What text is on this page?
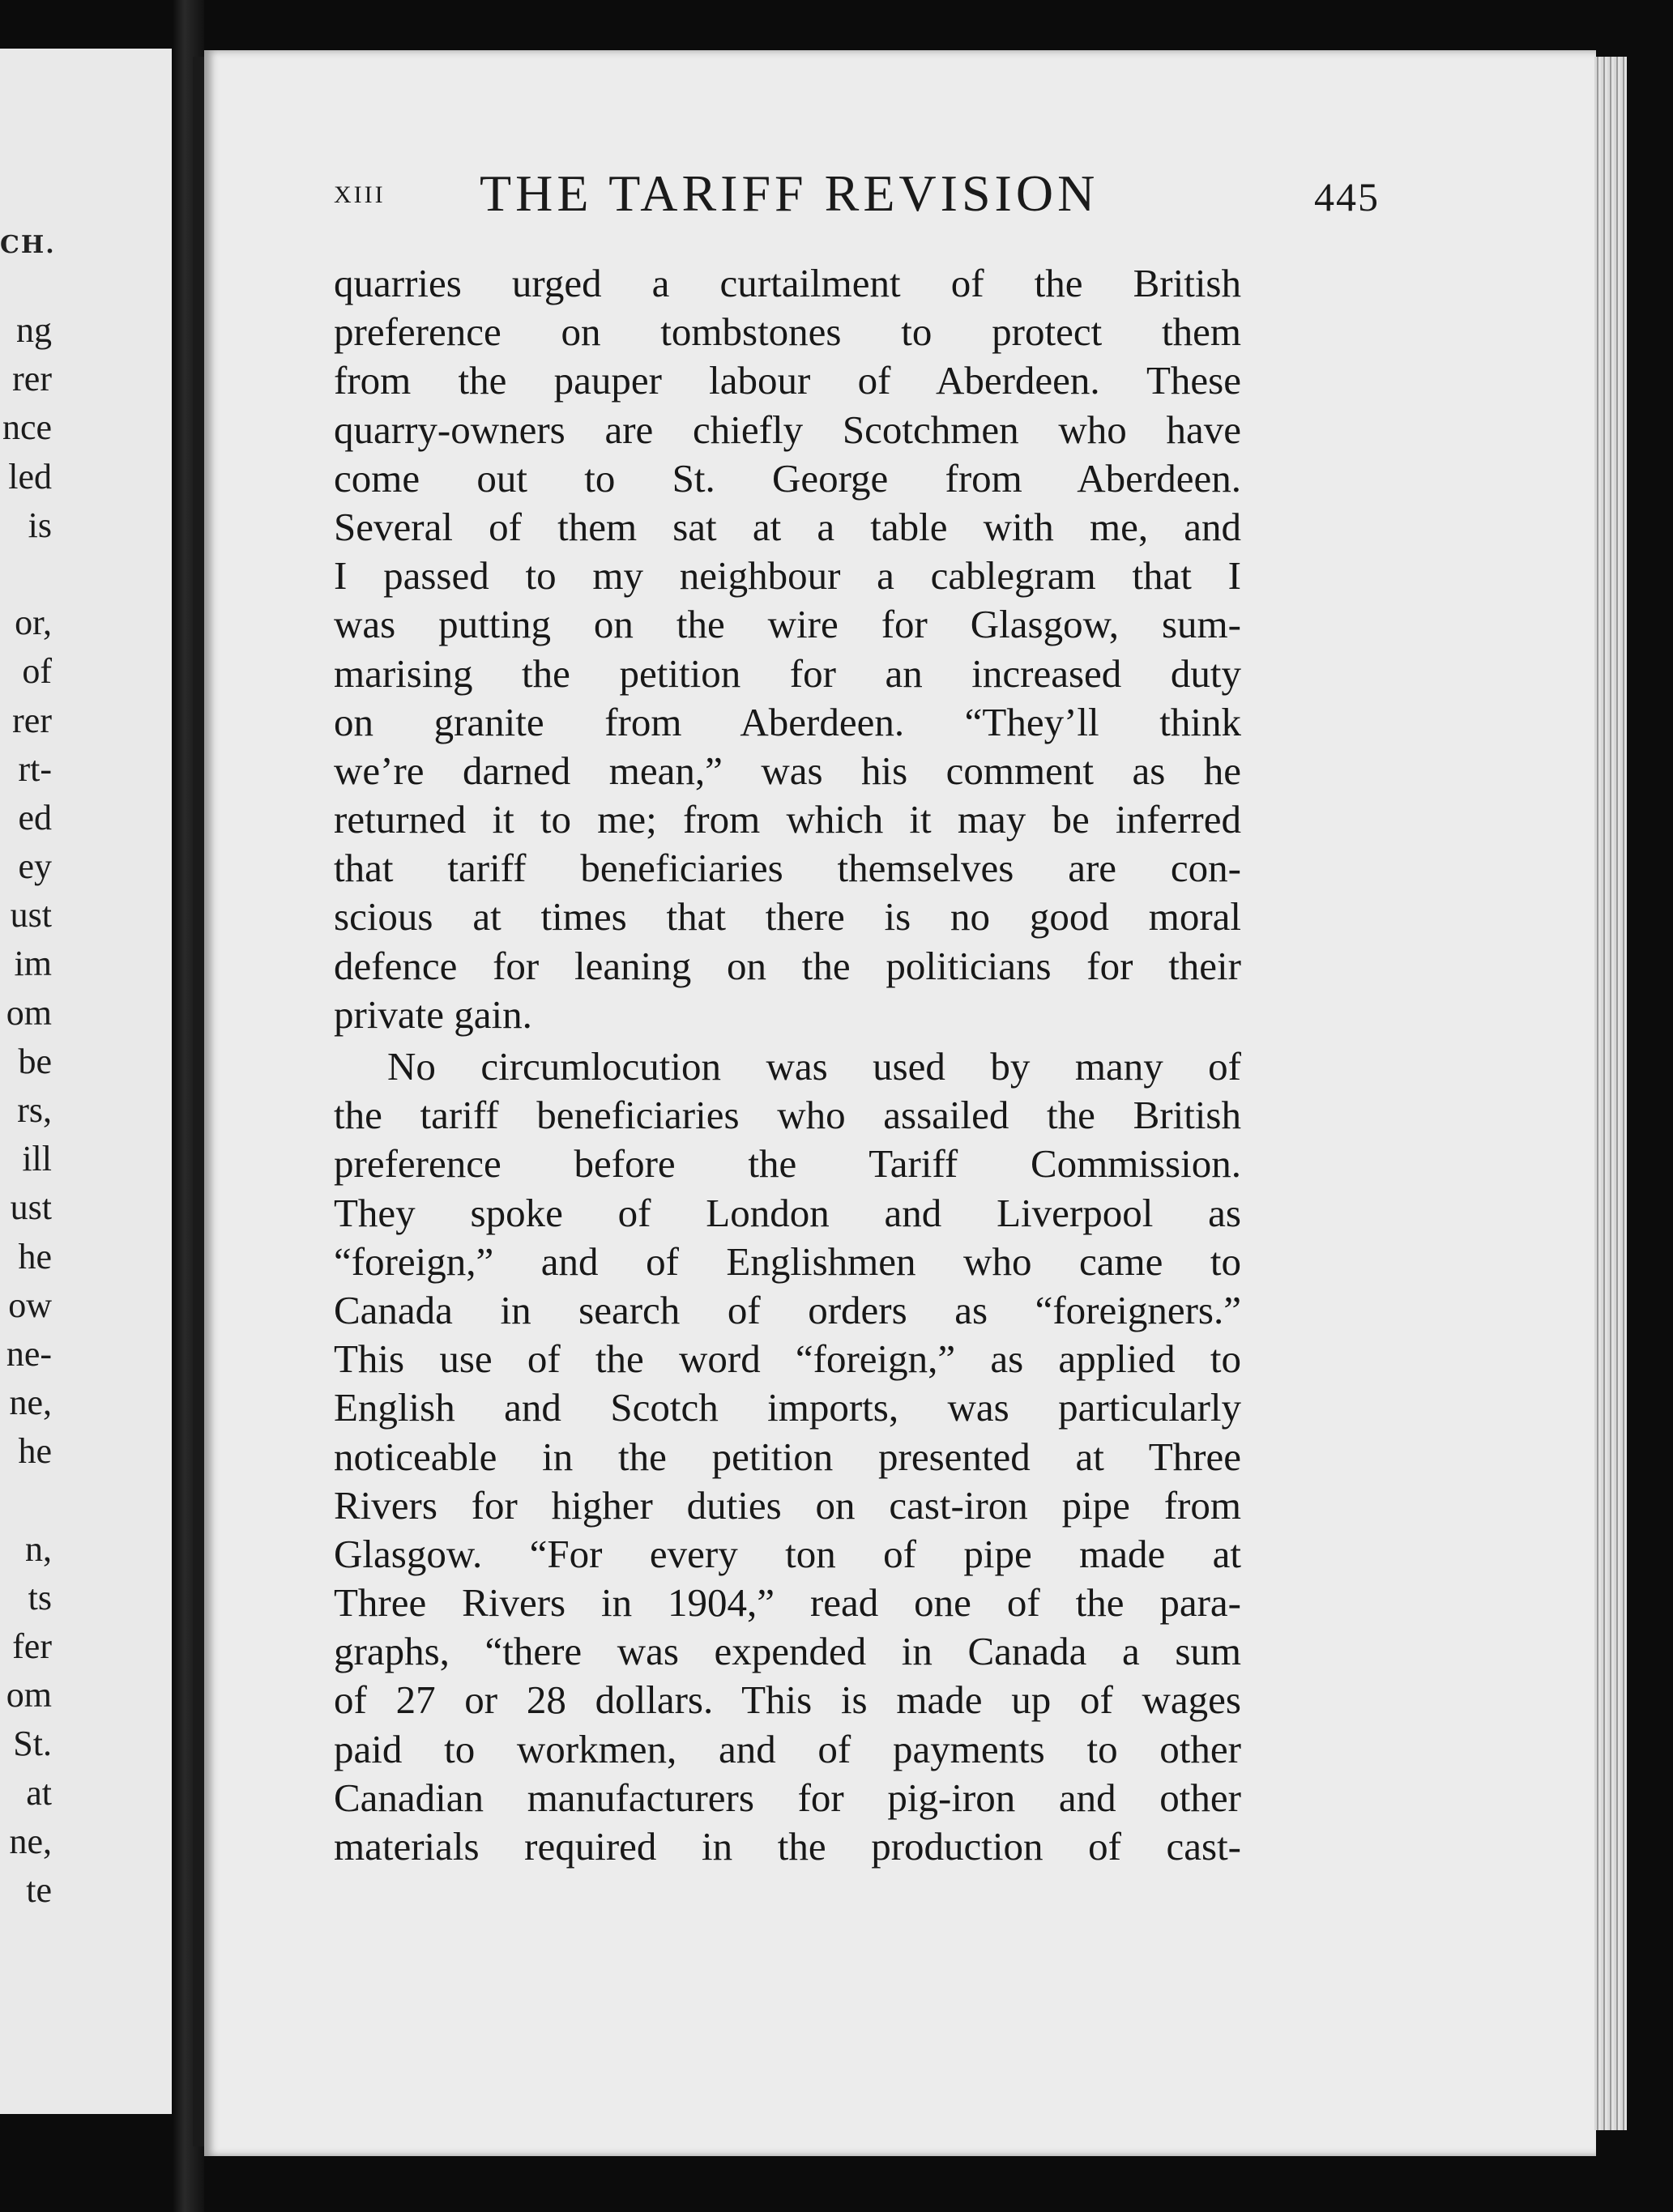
CH.
ng
rer
nce
led
is
or,
of
rer
rt-
ed
ey
ust
im
om
be
rs,
ill
ust
he
ow
ne-
ne,
he
n,
ts
fer
om
St.
at
ne,
te
XIII THE TARIFF REVISION	445
quarries urged a curtailment of the British
preference on tombstones to protect them
from the pauper labour of Aberdeen. These
quarry-owners are chiefly Scotchmen who have
come out to St. George from Aberdeen.
Several of them sat at a table with me, and
I passed to my neighbour a cablegram that I
was putting on the wire for Glasgow, sum-
marising the petition for an increased duty
on granite from Aberdeen. “They’ll think
we’re darned mean,” was his comment as he
returned it to me; from which it may be inferred
that tariff beneficiaries themselves are con-
scious at times that there is no good moral
defence for leaning on the politicians for their
private gain.
No circumlocution was used by many of
the tariff beneficiaries who assailed the British
preference before the Tariff Commission.
They spoke of London and Liverpool as
“foreign,” and of Englishmen who came to
Canada in search of orders as “foreigners.”
This use of the word “foreign,” as applied to
English and Scotch imports, was particularly
noticeable in the petition presented at Three
Rivers for higher duties on cast-iron pipe from
Glasgow. “For every ton of pipe made at
Three Rivers in 1904,” read one of the para-
graphs, “there was expended in Canada a sum
of 27 or 28 dollars. This is made up of wages
paid to workmen, and of payments to other
Canadian manufacturers for pig-iron and other
materials required in the production of cast-
